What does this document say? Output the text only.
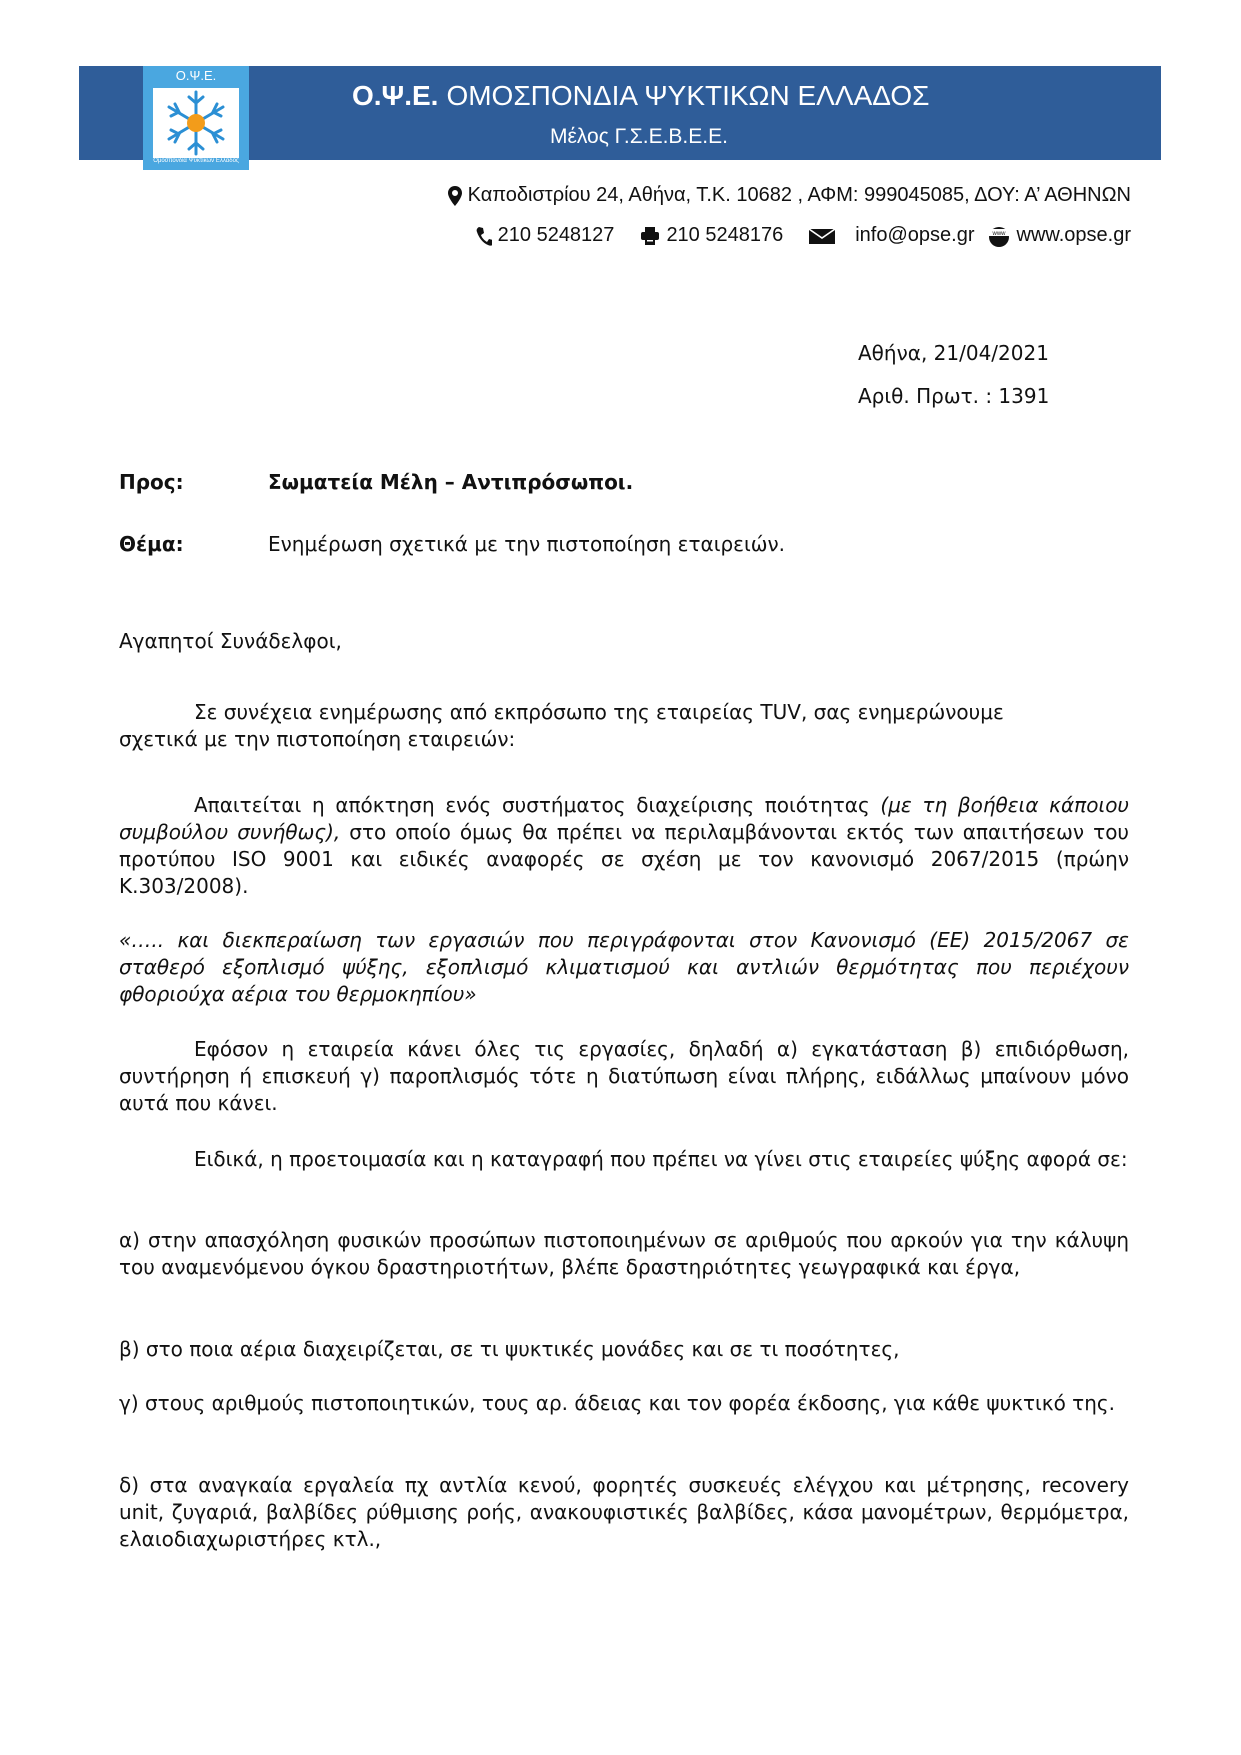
Ο.Ψ.Ε.
Ομοσπονδία Ψυκτικών Ελλάδος
Ο.Ψ.Ε. ΟΜΟΣΠΟΝΔΙΑ ΨΥΚΤΙΚΩΝ ΕΛΛΑΔΟΣ
Μέλος Γ.Σ.Ε.Β.Ε.Ε.
Καποδιστρίου 24, Αθήνα, Τ.Κ. 10682 , ΑΦΜ: 999045085, ΔΟΥ: Α’ ΑΘΗΝΩΝ
210 5248127	210 5248176	info@opse.gr	www www.opse.gr
Αθήνα, 21/04/2021
Αριθ. Πρωτ. : 1391
Προς:	Σωματεία Μέλη – Αντιπρόσωποι.
Θέμα:	Ενημέρωση σχετικά με την πιστοποίηση εταιρειών.
Αγαπητοί Συνάδελφοι,
Σε συνέχεια ενημέρωσης από εκπρόσωπο της εταιρείας TUV, σας ενημερώνουμε
σχετικά με την πιστοποίηση εταιρειών:
Απαιτείται η απόκτηση ενός συστήματος διαχείρισης ποιότητας (με τη βοήθεια κάποιου συμβούλου συνήθως), στο οποίο όμως θα πρέπει να περιλαμβάνονται εκτός των απαιτήσεων του προτύπου ISO 9001 και ειδικές αναφορές σε σχέση με τον κανονισμό 2067/2015 (πρώην Κ.303/2008).
«….. και διεκπεραίωση των εργασιών που περιγράφονται στον Κανονισμό (ΕΕ) 2015/2067 σε σταθερό εξοπλισμό ψύξης, εξοπλισμό κλιματισμού και αντλιών θερμότητας που περιέχουν φθοριούχα αέρια του θερμοκηπίου»
Εφόσον η εταιρεία κάνει όλες τις εργασίες, δηλαδή α) εγκατάσταση β) επιδιόρθωση, συντήρηση ή επισκευή γ) παροπλισμός τότε η διατύπωση είναι πλήρης, ειδάλλως μπαίνουν μόνο αυτά που κάνει.
Ειδικά, η προετοιμασία και η καταγραφή που πρέπει να γίνει στις εταιρείες ψύξης αφορά σε:
α) στην απασχόληση φυσικών προσώπων πιστοποιημένων σε αριθμούς που αρκούν για την κάλυψη του αναμενόμενου όγκου δραστηριοτήτων, βλέπε δραστηριότητες γεωγραφικά και έργα,
β) στο ποια αέρια διαχειρίζεται, σε τι ψυκτικές μονάδες και σε τι ποσότητες,
γ) στους αριθμούς πιστοποιητικών, τους αρ. άδειας και τον φορέα έκδοσης, για κάθε ψυκτικό της.
δ) στα αναγκαία εργαλεία πχ αντλία κενού, φορητές συσκευές ελέγχου και μέτρησης, recovery unit, ζυγαριά, βαλβίδες ρύθμισης ροής, ανακουφιστικές βαλβίδες, κάσα μανομέτρων, θερμόμετρα, ελαιοδιαχωριστήρες κτλ.,
